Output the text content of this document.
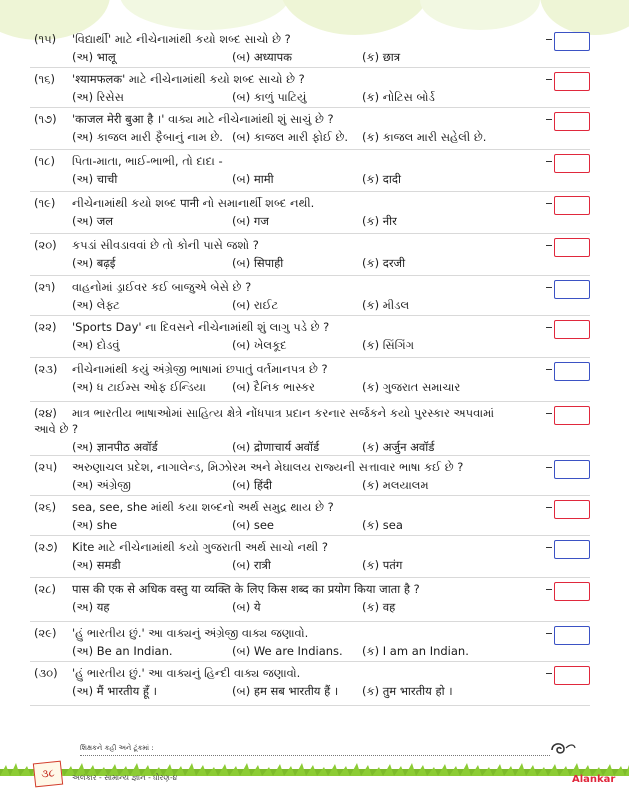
(૧૫) 'વિદ્યાર્થી' માટે નીચેનામાંથી કયો શબ્દ સાચો છે ?
(અ) भालू	(બ) अध्यापक	(ક) छात्र
(૧૬) 'श्यामफलक' માટે નીચેનામાંથી કયો શબ્દ સાચો છે ?
(અ) રિસેસ	(બ) કાળું પાટિયું	(ક) નોટિસ બોર્ડ
(૧૭) 'काजल मेरी बुआ है ।' વાક્ય માટે નીચેનામાંથી શું સાચું છે ?
(અ) કાજલ મારી ફૈબાનું નામ છે. (બ) કાજલ મારી ફોઈ છે.	(ક) કાજલ મારી સહેલી છે.
(૧૮) પિતા-માતા, ભાઈ-ભાભી, તો દાદા -
(અ) चाची	(બ) मामी	(ક) दादी
(૧૯) નીચેનામાંથી કયો શબ્દ पानी નો સમાનાર્થી શબ્દ નથી.
(અ) जल	(બ) गज	(ક) नीर
(૨૦) કપડાં સીવડાવવાં છે તો કોની પાસે જશો ?
(અ) बढ़ई	(બ) सिपाही	(ક) दरजी
(૨૧) વાહનોમાં ડ્રાઈવર કઈ બાજુએ બેસે છે ?
(અ) લેફ્ટ	(બ) રાઈટ	(ક) મીડલ
(૨૨) 'Sports Day' ના દિવસને નીચેનામાંથી શું લાગુ પડે છે ?
(અ) દોડવું	(બ) ખેલકૂદ	(ક) સિંગિંગ
(૨૩) નીચેનામાંથી કયું અંગ્રેજી ભાષામાં છપાતું વર્તમાનપત્ર છે ?
(અ) ધ ટાઈમ્સ ઓફ ઈન્ડિયા	(બ) દૈનિક ભાસ્કર	(ક) ગુજરાત સમાચાર
(૨૪) માત્ર ભારતીય ભાષાઓમાં સાહિત્ય ક્ષેત્રે નોંધપાત્ર પ્રદાન કરનાર સર્જકને કયો પુરસ્કાર અપવામાં આવે છે ?
(અ) ज्ञानपीठ अवॉर्ड	(બ) द्रोणाचार्य अवॉर्ड	(ક) अर्जुन अवॉर्ड
(૨૫) અરુણાચલ પ્રદેશ, નાગાલેન્ડ, મિઝોરમ અને મેઘાલય રાજ્યની સત્તાવાર ભાષા કઈ છે ?
(અ) અંગ્રેજી	(બ) हिंदी	(ક) મલયાલમ
(૨૬) sea, see, she માંથી કયા શબ્દનો અર્થ સમુદ્ર થાય છે ?
(અ) she	(બ) see	(ક) sea
(૨૭) Kite માટે નીચેનામાંથી કયો ગુજરાતી અર્થ સાચો નથી ?
(અ) समडी	(બ) रात्री	(ક) पतंग
(૨૮) पास की एक से अधिक वस्तु या व्यक्ति के लिए किस शब्द का प्रयोग किया जाता है ?
(અ) यह	(બ) ये	(ક) वह
(૨૯) 'હું ભારતીય છું.' આ વાક્યનું અંગ્રેજી વાક્ય જણાવો.
(અ) Be an Indian.	(બ) We are Indians.	(ક) I am an Indian.
(૩૦) 'હું ભારતીય છું.' આ વાક્યનું હિન્દી વાક્ય જણાવો.
(અ) मैं भारतीय हूँ ।	(બ) हम सब भारतीय हैं ।	(ક) तुम भारतीय हो ।
શિક્ષકને કહી અને ટૂંકમાં :
૩૮	અલંકાર - સામાન્ય જ્ઞાન - ધોરણ-૪	Alankar
